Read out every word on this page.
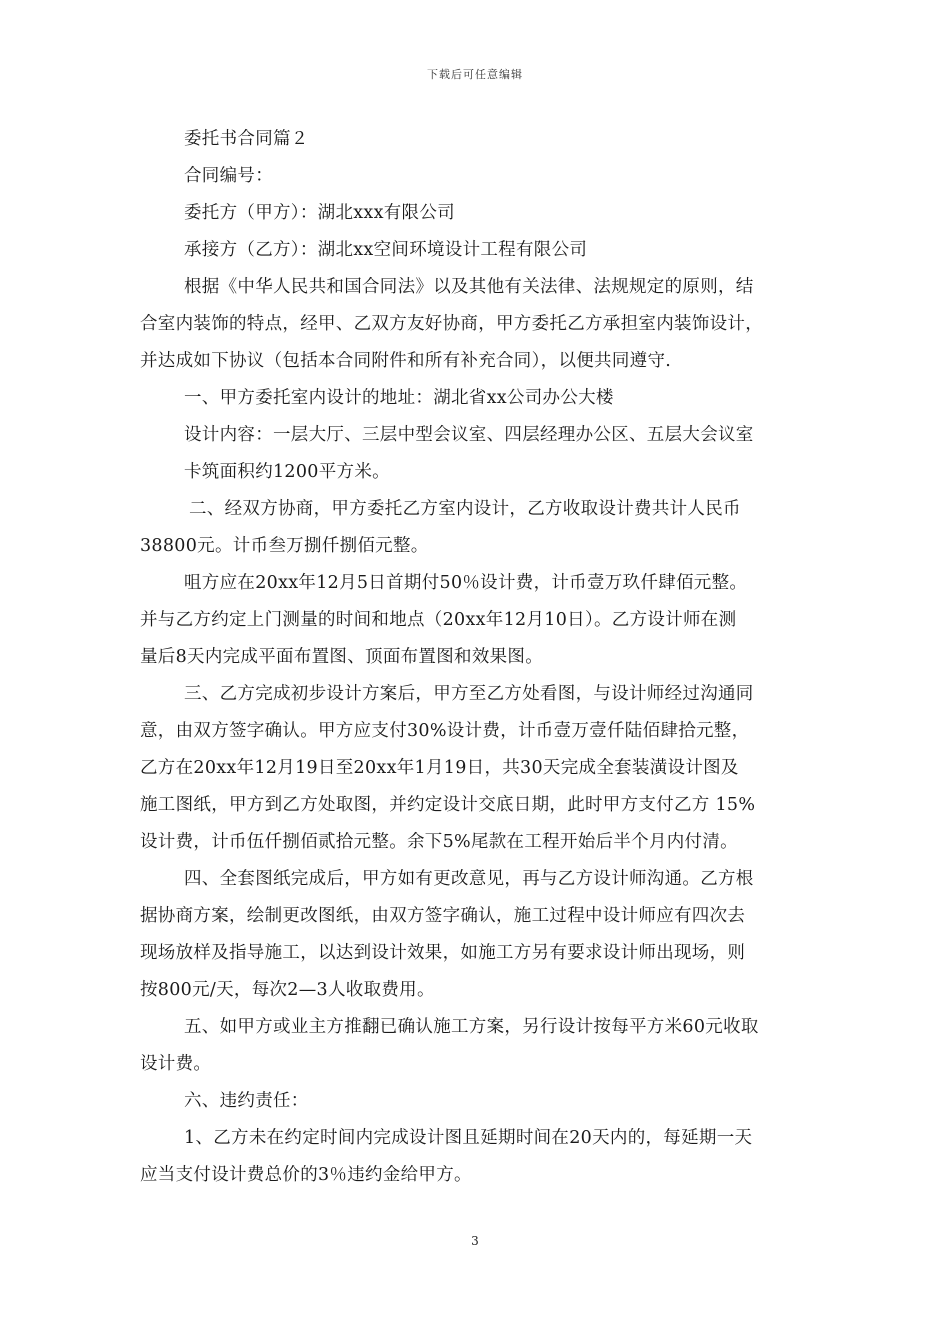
下载后可任意编辑
委托书合同篇２
合同编号：
委托方（甲方）：湖北xxx有限公司
承接方（乙方）：湖北xx空间环境设计工程有限公司
根据《中华人民共和国合同法》以及其他有关法律、法规规定的原则，结
合室内装饰的特点，经甲、乙双方友好协商，甲方委托乙方承担室内装饰设计，
并达成如下协议（包括本合同附件和所有补充合同），以便共同遵守.
一、甲方委托室内设计的地址：湖北省xx公司办公大楼
设计内容：一层大厅、三层中型会议室、四层经理办公区、五层大会议室
卡筑面积约1200平方米。
二、经双方协商，甲方委托乙方室内设计，乙方收取设计费共计人民币
38800元。计币叁万捌仟捌佰元整。
咀方应在20xx年12月5日首期付50％设计费，计币壹万玖仟肆佰元整。
并与乙方约定上门测量的时间和地点（20xx年12月10日）。乙方设计师在测
量后8天内完成平面布置图、顶面布置图和效果图。
三、乙方完成初步设计方案后，甲方至乙方处看图，与设计师经过沟通同
意，由双方签字确认。甲方应支付30%设计费，计币壹万壹仟陆佰肆拾元整，
乙方在20xx年12月19日至20xx年1月19日，共30天完成全套装潢设计图及
施工图纸，甲方到乙方处取图，并约定设计交底日期，此时甲方支付乙方 15%
设计费，计币伍仟捌佰贰拾元整。余下5%尾款在工程开始后半个月内付清。
四、全套图纸完成后，甲方如有更改意见，再与乙方设计师沟通。乙方根
据协商方案，绘制更改图纸，由双方签字确认，施工过程中设计师应有四次去
现场放样及指导施工，以达到设计效果，如施工方另有要求设计师出现场，则
按800元/天，每次2—3人收取费用。
五、如甲方或业主方推翻已确认施工方案，另行设计按每平方米60元收取
设计费。
六、违约责任：
1、乙方未在约定时间内完成设计图且延期时间在20天内的，每延期一天
应当支付设计费总价的3％违约金给甲方。
3
